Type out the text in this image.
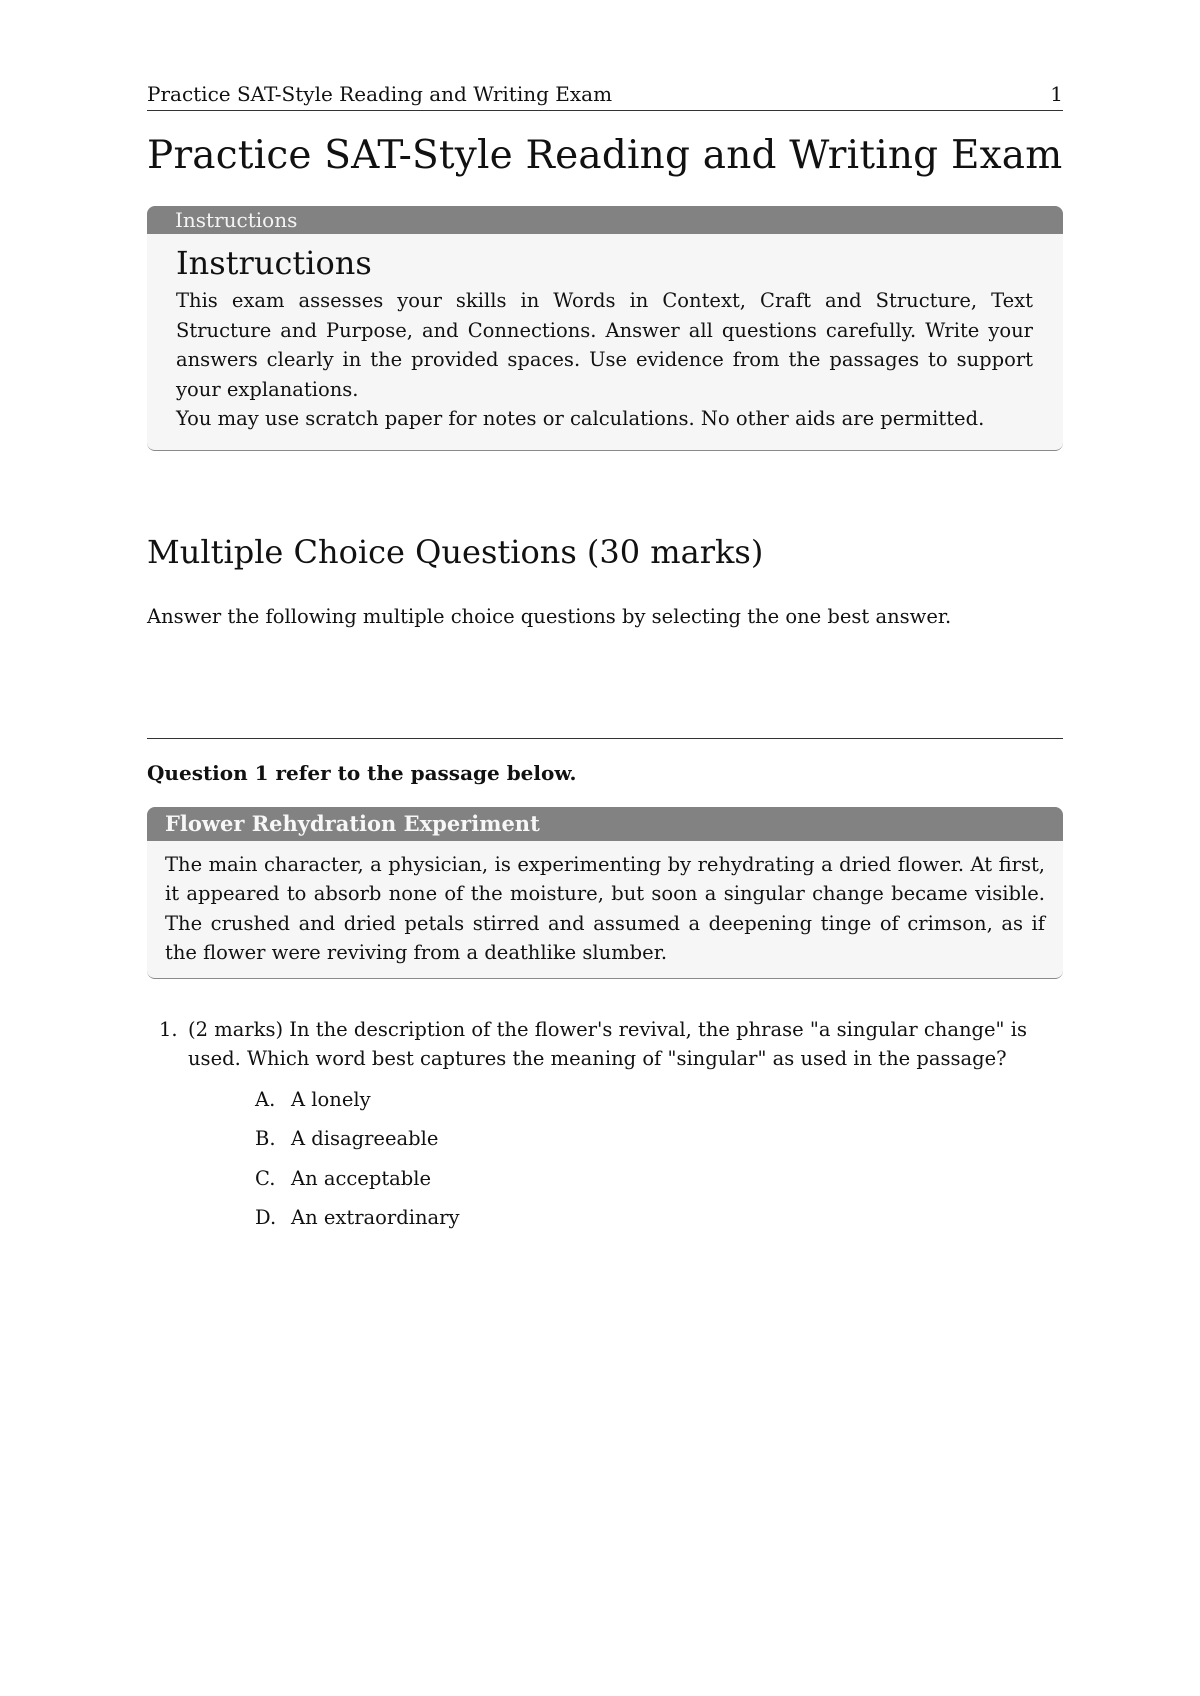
Practice SAT-Style Reading and Writing Exam	1
Practice SAT-Style Reading and Writing Exam
Instructions
Instructions

This exam assesses your skills in Words in Context, Craft and Structure, Text Structure and Purpose, and Connections. Answer all questions carefully. Write your answers clearly in the provided spaces. Use evidence from the passages to support your explanations.

You may use scratch paper for notes or calculations. No other aids are permitted.

Multiple Choice Questions (30 marks)

Answer the following multiple choice questions by selecting the one best answer.

Question 1 refer to the passage below.

Flower Rehydration Experiment
The main character, a physician, is experimenting by rehydrating a dried flower. At first, it appeared to absorb none of the moisture, but soon a singular change became visible. The crushed and dried petals stirred and assumed a deepening tinge of crimson, as if the flower were reviving from a deathlike slumber.
1. (2 marks) In the description of the flower's revival, the phrase "a singular change" is used. Which word best captures the meaning of "singular" as used in the passage?
A. A lonely
B. A disagreeable
C. An acceptable
D. An extraordinary
